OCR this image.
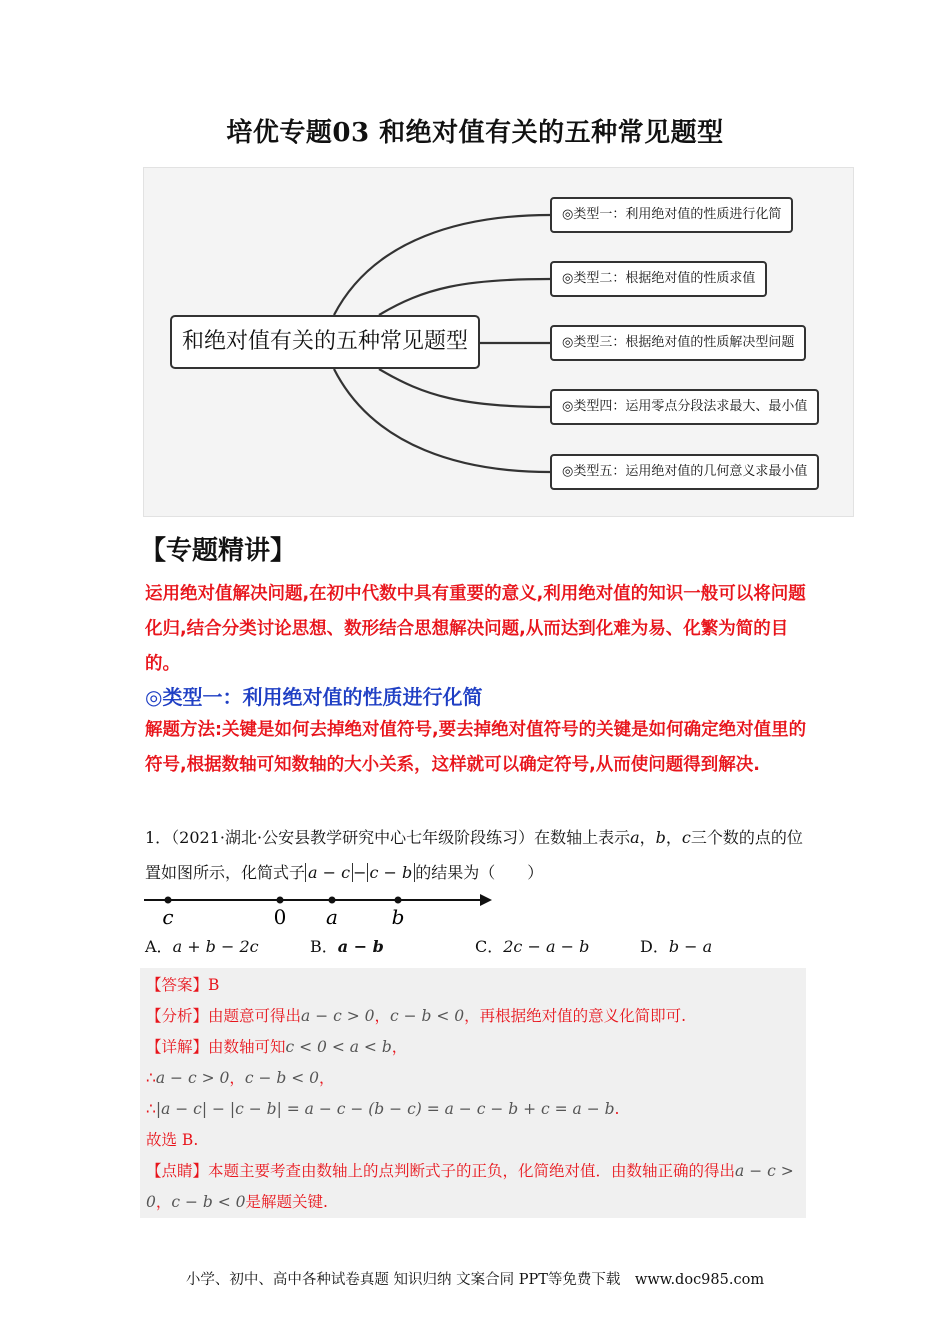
培优专题03 和绝对值有关的五种常见题型
和绝对值有关的五种常见题型
◎类型一：利用绝对值的性质进行化简
◎类型二：根据绝对值的性质求值
◎类型三：根据绝对值的性质解决型问题
◎类型四：运用零点分段法求最大、最小值
◎类型五：运用绝对值的几何意义求最小值
【专题精讲】
运用绝对值解决问题,在初中代数中具有重要的意义,利用绝对值的知识一般可以将问题化归,结合分类讨论思想、数形结合思想解决问题,从而达到化难为易、化繁为简的目的。
◎类型一：利用绝对值的性质进行化简
解题方法:关键是如何去掉绝对值符号,要去掉绝对值符号的关键是如何确定绝对值里的符号,根据数轴可知数轴的大小关系，这样就可以确定符号,从而使问题得到解决.
1．（2021·湖北·公安县教学研究中心七年级阶段练习）在数轴上表示a，b，c三个数的点的位置如图所示，化简式子 a − c − c − b 的结果为（　　）
c	0 a	b
A．a + b − 2c	B．a − b	C．2c − a − b	D．b − a
【答案】B
【分析】由题意可得出a − c > 0，c − b < 0，再根据绝对值的意义化简即可.
【详解】由数轴可知c < 0 < a < b，
∴a − c > 0，c − b < 0，
∴|a − c| − |c − b| = a − c − (b − c) = a − c − b + c = a − b.
故选 B.
【点睛】本题主要考查由数轴上的点判断式子的正负，化简绝对值．由数轴正确的得出a − c > 0，c − b < 0是解题关键.
小学、初中、高中各种试卷真题 知识归纳 文案合同 PPT等免费下载　www.doc985.com
